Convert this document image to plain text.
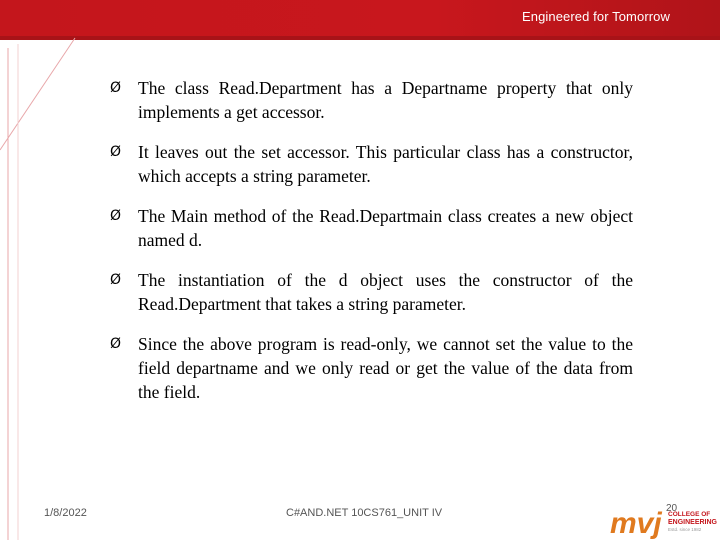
Engineered for Tomorrow
Ø The class Read.Department has a Departname property that only implements a get accessor.
Ø It leaves out the set accessor. This particular class has a constructor, which accepts a string parameter.
Ø The Main method of the Read.Departmain class creates a new object named d.
Ø The instantiation of the d object uses the constructor of the Read.Department that takes a string parameter.
Ø Since the above program is read-only, we cannot set the value to the field departname and we only read or get the value of the data from the field.
1/8/2022	C#AND.NET 10CS761_UNIT IV	mvj COLLEGE OF
ENGINEERING
Estd. since 1982
20
